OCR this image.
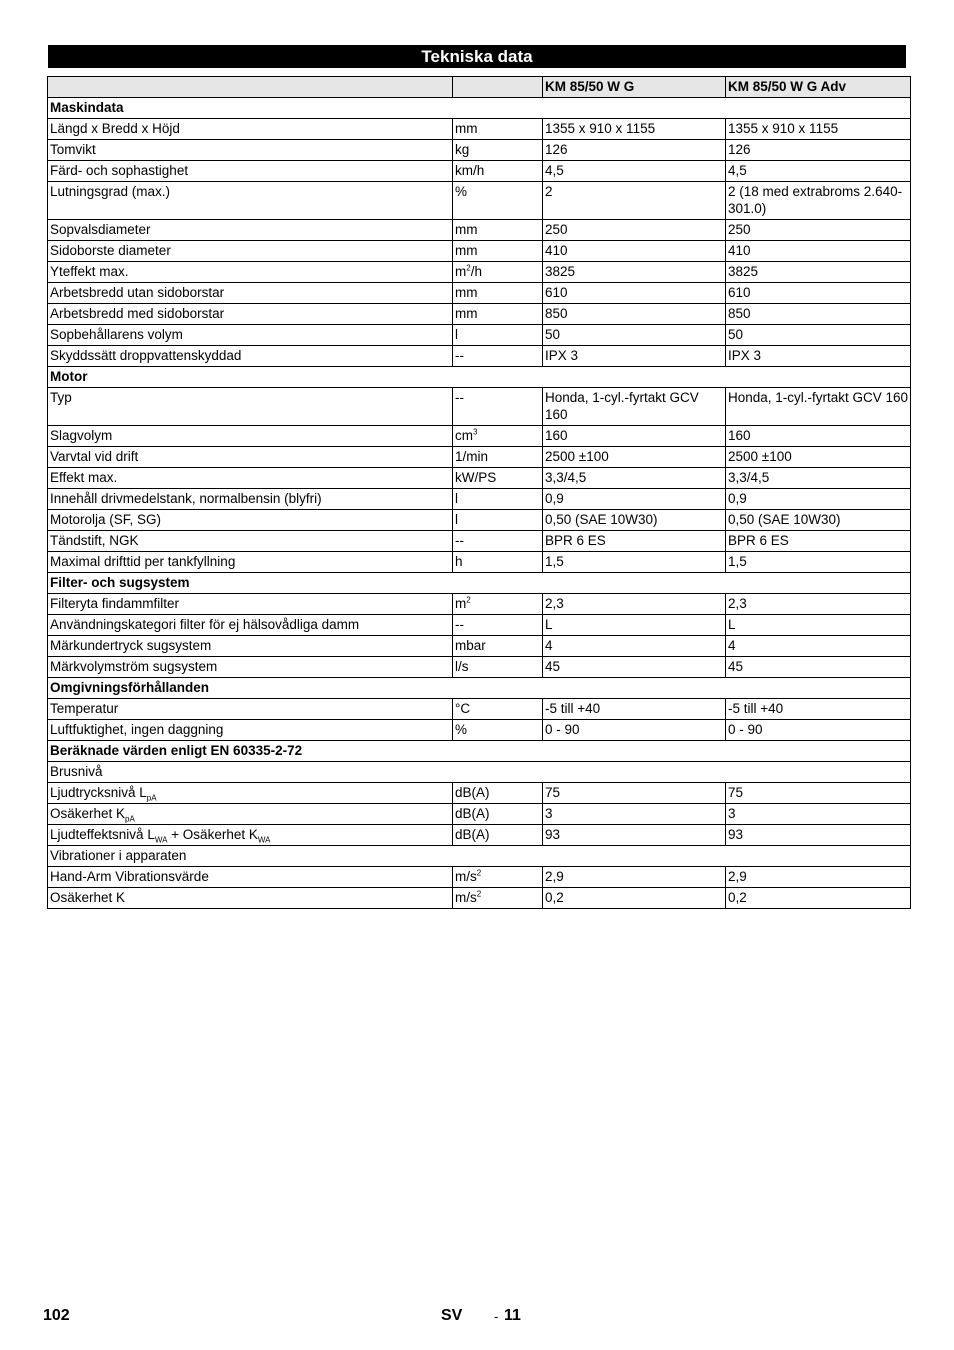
Tekniska data
		KM 85/50 W G	KM 85/50 W G Adv
Maskindata			
Längd x Bredd x Höjd	mm	1355 x 910 x 1155	1355 x 910 x 1155
Tomvikt	kg	126	126
Färd- och sophastighet	km/h	4,5	4,5
Lutningsgrad (max.)	%	2	2 (18 med extrabroms 2.640-301.0)
Sopvalsdiameter	mm	250	250
Sidoborste diameter	mm	410	410
Yteffekt max.	$m^2/h$	3825	3825
Arbetsbredd utan sidoborstar	mm	610	610
Arbetsbredd med sidoborstar	mm	850	850
Sopbehållarens volym	l	50	50
Skyddssätt droppvattenskyddad	--	IPX 3	IPX 3
Motor			
Typ	--	Honda, 1-cyl.-fyrtakt GCV 160	Honda, 1-cyl.-fyrtakt GCV 160
Slagvolym	$cm^3$	160	160
Varvtal vid drift	1/min	2500 ±100	2500 ±100
Effekt max.	kW/PS	3,3/4,5	3,3/4,5
Innehåll drivmedelstank, normalbensin (blyfri)	l	0,9	0,9
Motorolja (SF, SG)	l	0,50 (SAE 10W30)	0,50 (SAE 10W30)
Tändstift, NGK	--	BPR 6 ES	BPR 6 ES
Maximal drifttid per tankfyllning	h	1,5	1,5
Filter- och sugsystem			
Filteryta findammfilter	$m^2$	2,3	2,3
Användningskategori filter för ej hälsovådliga damm	--	L	L
Märkundertryck sugsystem	mbar	4	4
Märkvolymström sugsystem	l/s	45	45
Omgivningsförhållanden			
Temperatur	°C	-5 till +40	-5 till +40
Luftfuktighet, ingen daggning	%	0 - 90	0 - 90
Beräknade värden enligt EN 60335-2-72			
Brusnivå			
Ljudtrycksnivå $L_{pA}$	dB(A)	75	75
Osäkerhet $K_{pA}$	dB(A)	3	3
Ljudteffektsnivå $L_{WA}$ + Osäkerhet $K_{WA}$	dB(A)	93	93
Vibrationer i apparaten			
Hand-Arm Vibrationsvärde	$m/s^2$	2,9	2,9
Osäkerhet K	$m/s^2$	0,2	0,2
102	SV - 11
